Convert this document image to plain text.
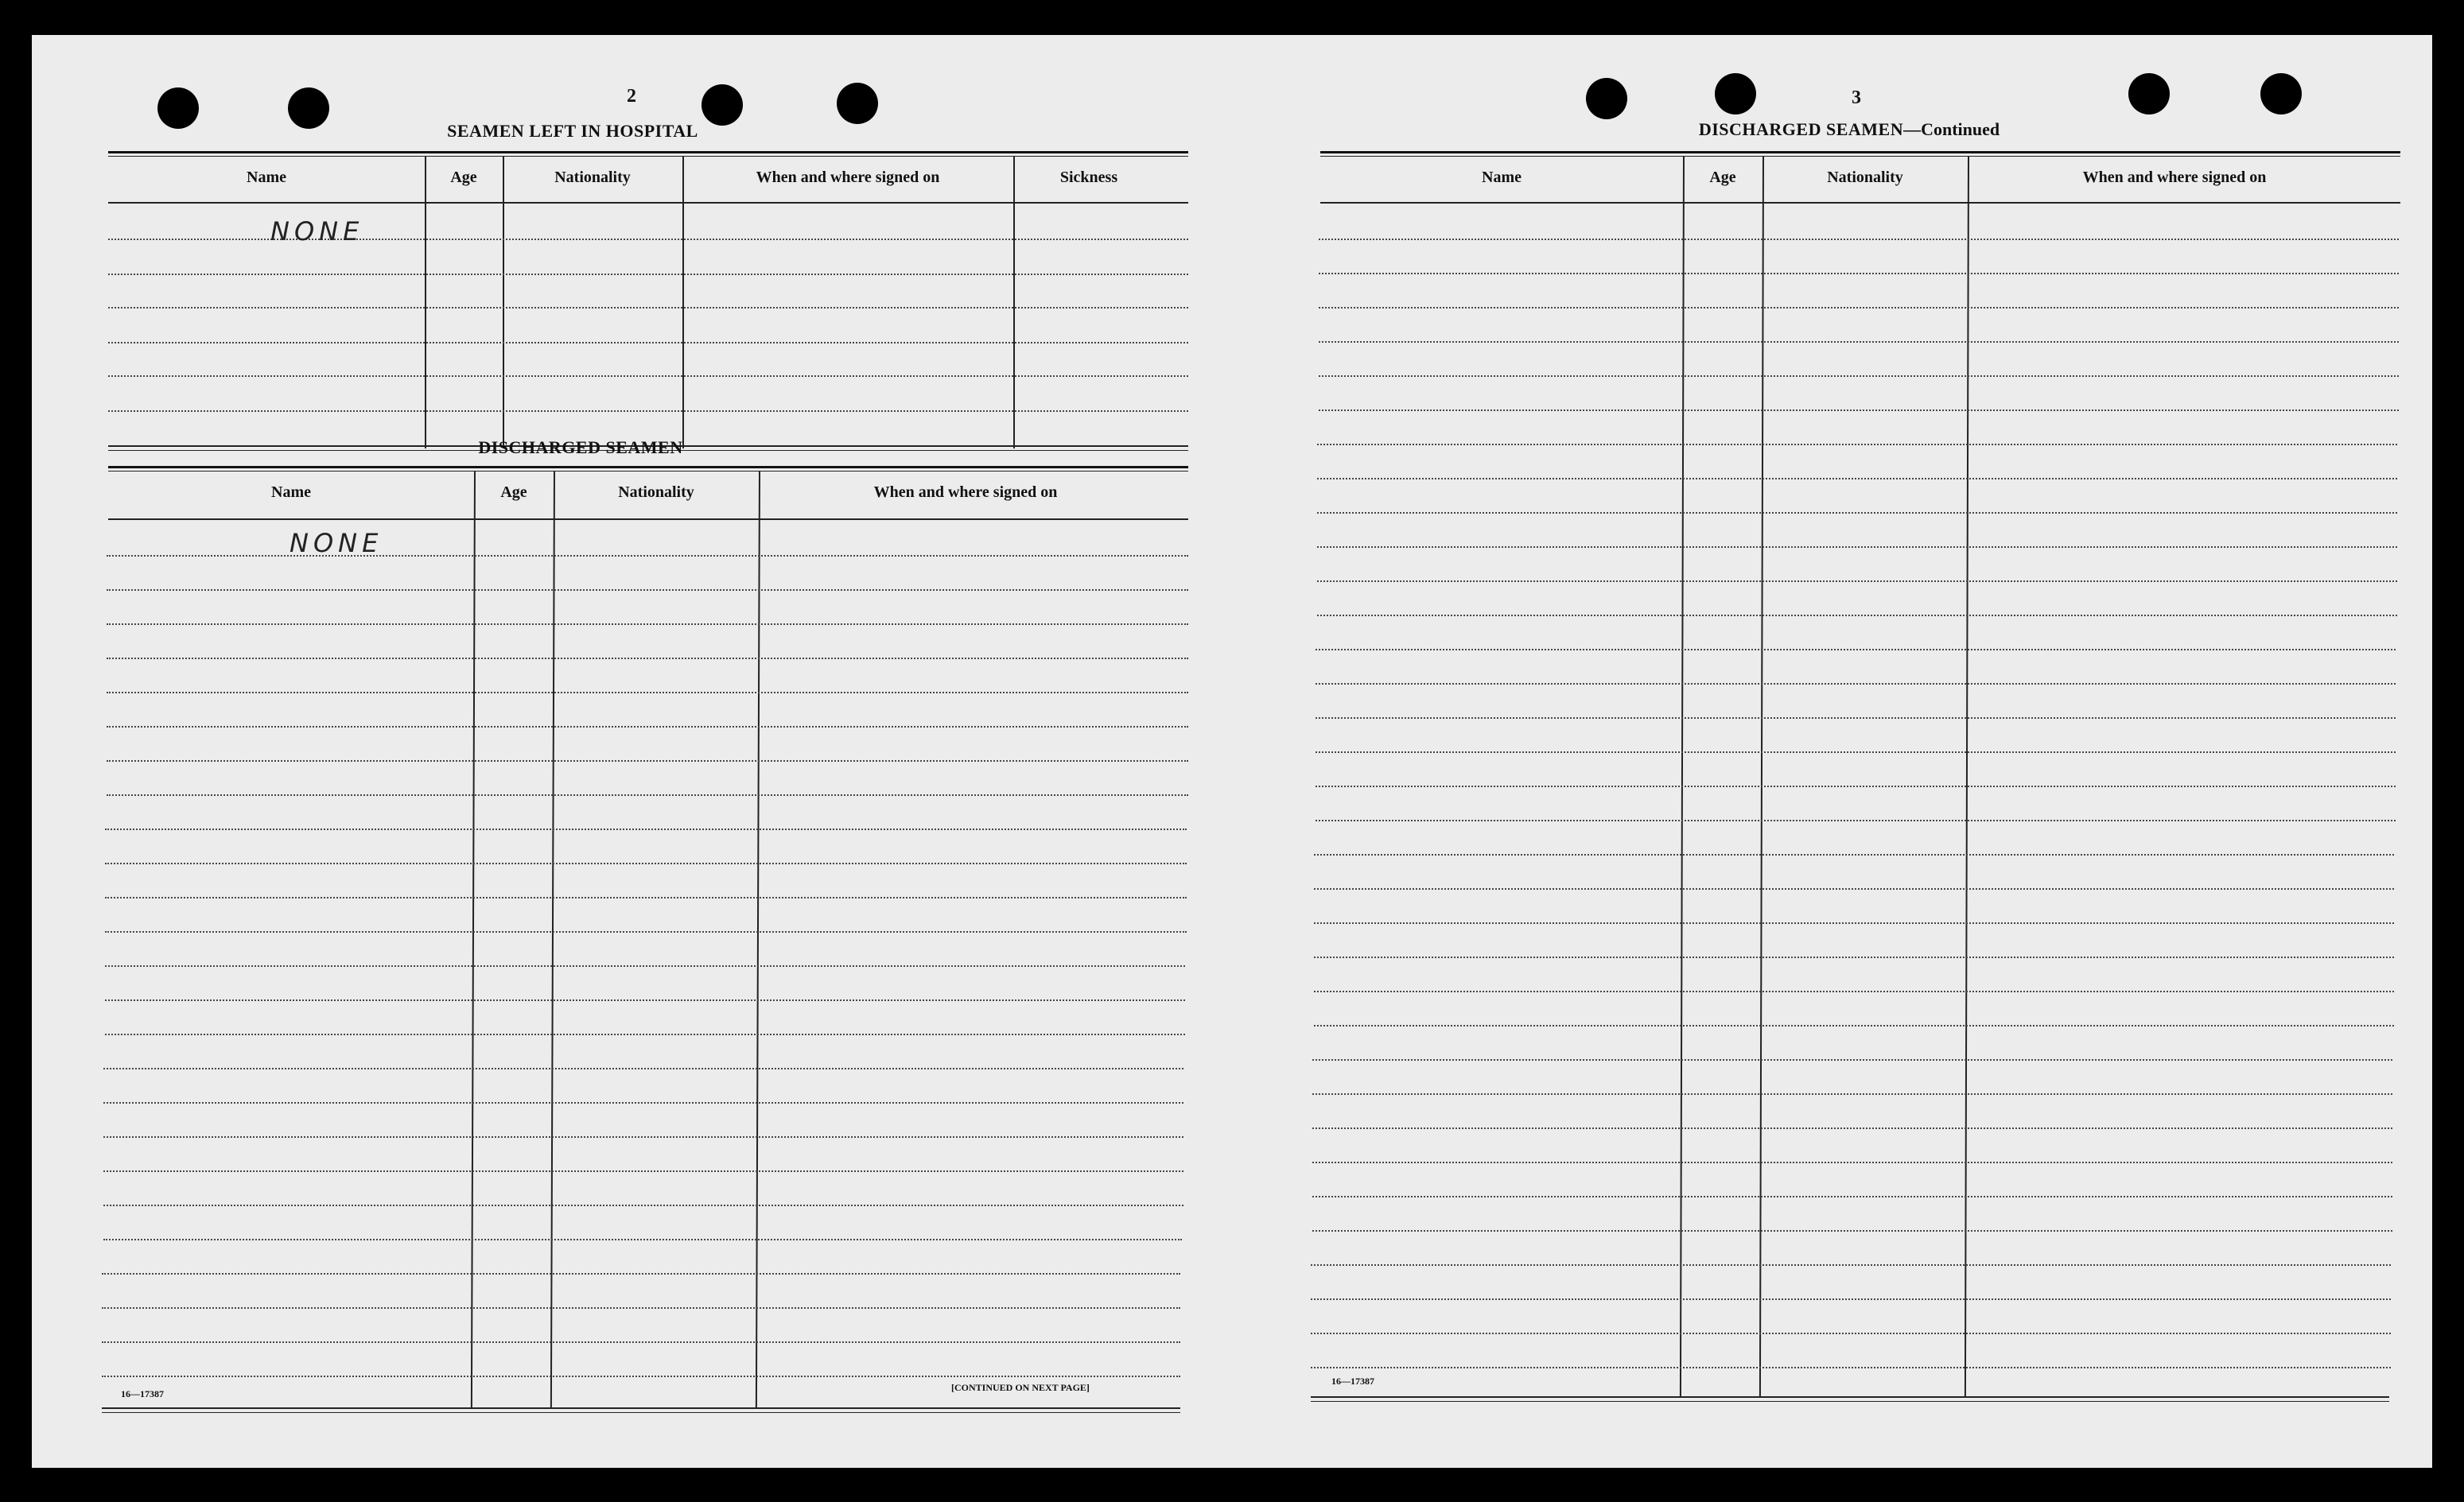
2
SEAMEN LEFT IN HOSPITAL
Name	Age	Nationality	When and where signed on	Sickness
NONE
DISCHARGED SEAMEN
Name	Age	Nationality	When and where signed on
NONE
16—17387
[CONTINUED ON NEXT PAGE]
3
DISCHARGED SEAMEN—Continued
Name	Age	Nationality	When and where signed on
16—17387
